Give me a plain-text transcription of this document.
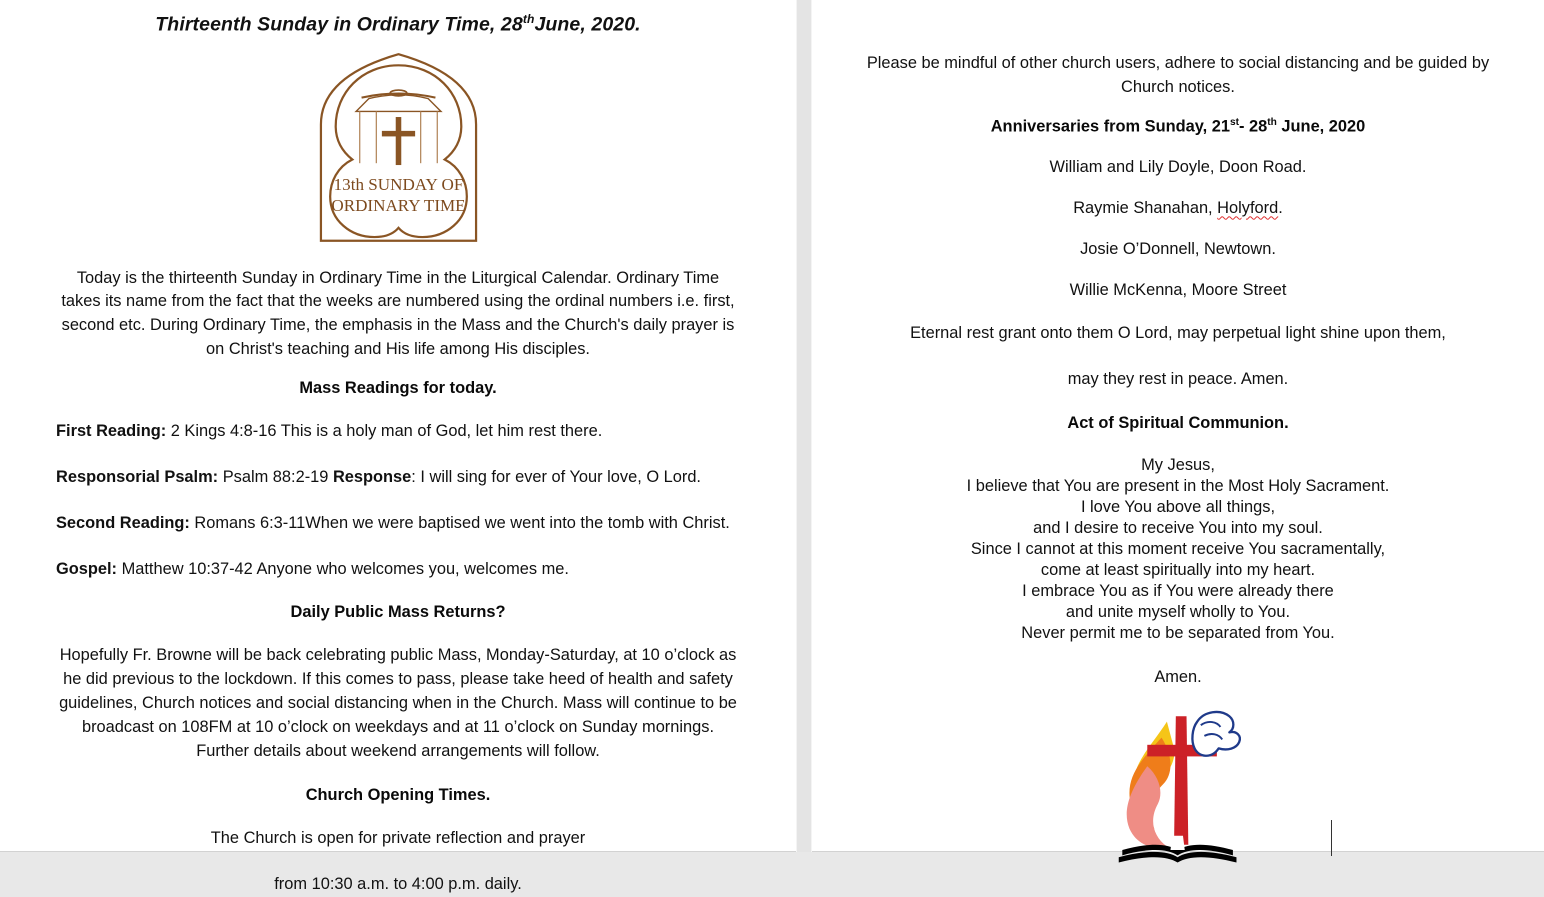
Thirteenth Sunday in Ordinary Time, 28thJune, 2020.
13th SUNDAY OF
ORDINARY TIME

Today is the thirteenth Sunday in Ordinary Time in the Liturgical Calendar. Ordinary Time takes its name from the fact that the weeks are numbered using the ordinal numbers i.e. first, second etc. During Ordinary Time, the emphasis in the Mass and the Church's daily prayer is on Christ's teaching and His life among His disciples.

Mass Readings for today.

First Reading: 2 Kings 4:8-16 This is a holy man of God, let him rest there.

Responsorial Psalm: Psalm 88:2-19 Response: I will sing for ever of Your love, O Lord.

Second Reading: Romans 6:3-11When we were baptised we went into the tomb with Christ.

Gospel: Matthew 10:37-42 Anyone who welcomes you, welcomes me.

Daily Public Mass Returns?

Hopefully Fr. Browne will be back celebrating public Mass, Monday-Saturday, at 10 o’clock as he did previous to the lockdown. If this comes to pass, please take heed of health and safety guidelines, Church notices and social distancing when in the Church. Mass will continue to be broadcast on 108FM at 10 o’clock on weekdays and at 11 o’clock on Sunday mornings. Further details about weekend arrangements will follow.

Church Opening Times.

The Church is open for private reflection and prayer

from 10:30 a.m. to 4:00 p.m. daily.

Please be mindful of other church users, adhere to social distancing and be guided by Church notices.

Anniversaries from Sunday, 21st- 28th June, 2020

William and Lily Doyle, Doon Road.

Raymie Shanahan, Holyford.

Josie O’Donnell, Newtown.

Willie McKenna, Moore Street

Eternal rest grant onto them O Lord, may perpetual light shine upon them,

may they rest in peace. Amen.

Act of Spiritual Communion.

My Jesus,
I believe that You are present in the Most Holy Sacrament.
I love You above all things,
and I desire to receive You into my soul.
Since I cannot at this moment receive You sacramentally,
come at least spiritually into my heart.
I embrace You as if You were already there
and unite myself wholly to You.
Never permit me to be separated from You.

Amen.
